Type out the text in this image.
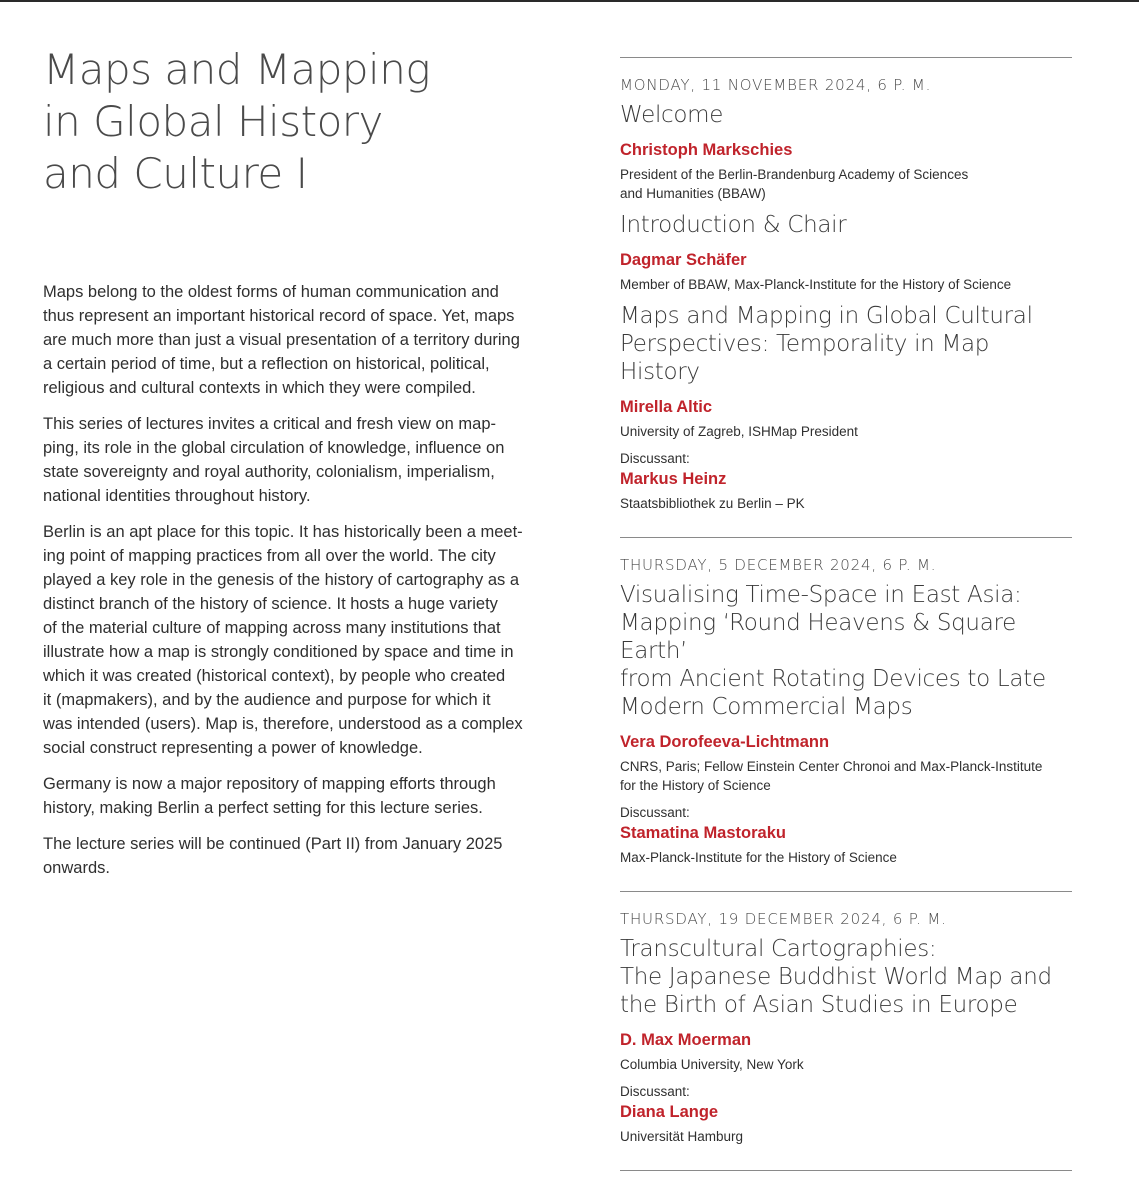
Maps and Mapping
in Global History
and Culture I

Maps belong to the oldest forms of human communication and
thus represent an important historical record of space. Yet, maps
are much more than just a visual presentation of a territory during
a certain period of time, but a reflection on historical, political,
religious and cultural contexts in which they were compiled.

This series of lectures invites a critical and fresh view on map-
ping, its role in the global circulation of knowledge, influence on
state sovereignty and royal authority, colonialism, imperialism,
national identities throughout history.

Berlin is an apt place for this topic. It has historically been a meet-
ing point of mapping practices from all over the world. The city
played a key role in the genesis of the history of cartography as a
distinct branch of the history of science. It hosts a huge variety
of the material culture of mapping across many institutions that
illustrate how a map is strongly conditioned by space and time in
which it was created (historical context), by people who created
it (mapmakers), and by the audience and purpose for which it
was intended (users). Map is, therefore, understood as a complex
social construct representing a power of knowledge.

Germany is now a major repository of mapping efforts through
history, making Berlin a perfect setting for this lecture series.

The lecture series will be continued (Part II) from January 2025
onwards.

MONDAY, 11 NOVEMBER 2024, 6 P. M.
Welcome
Christoph Markschies
President of the Berlin-Brandenburg Academy of Sciences
and Humanities (BBAW)
Introduction & Chair
Dagmar Schäfer
Member of BBAW, Max-Planck-Institute for the History of Science
Maps and Mapping in Global Cultural
Perspectives: Temporality in Map History
Mirella Altic
University of Zagreb, ISHMap President
Discussant:
Markus Heinz
Staatsbibliothek zu Berlin – PK
THURSDAY, 5 DECEMBER 2024, 6 P. M.
Visualising Time-Space in East Asia:
Mapping ‘Round Heavens & Square Earth’
from Ancient Rotating Devices to Late
Modern Commercial Maps
Vera Dorofeeva-Lichtmann
CNRS, Paris; Fellow Einstein Center Chronoi and Max-Planck-Institute
for the History of Science
Discussant:
Stamatina Mastoraku
Max-Planck-Institute for the History of Science
THURSDAY, 19 DECEMBER 2024, 6 P. M.
Transcultural Cartographies:
The Japanese Buddhist World Map and
the Birth of Asian Studies in Europe
D. Max Moerman
Columbia University, New York
Discussant:
Diana Lange
Universität Hamburg
